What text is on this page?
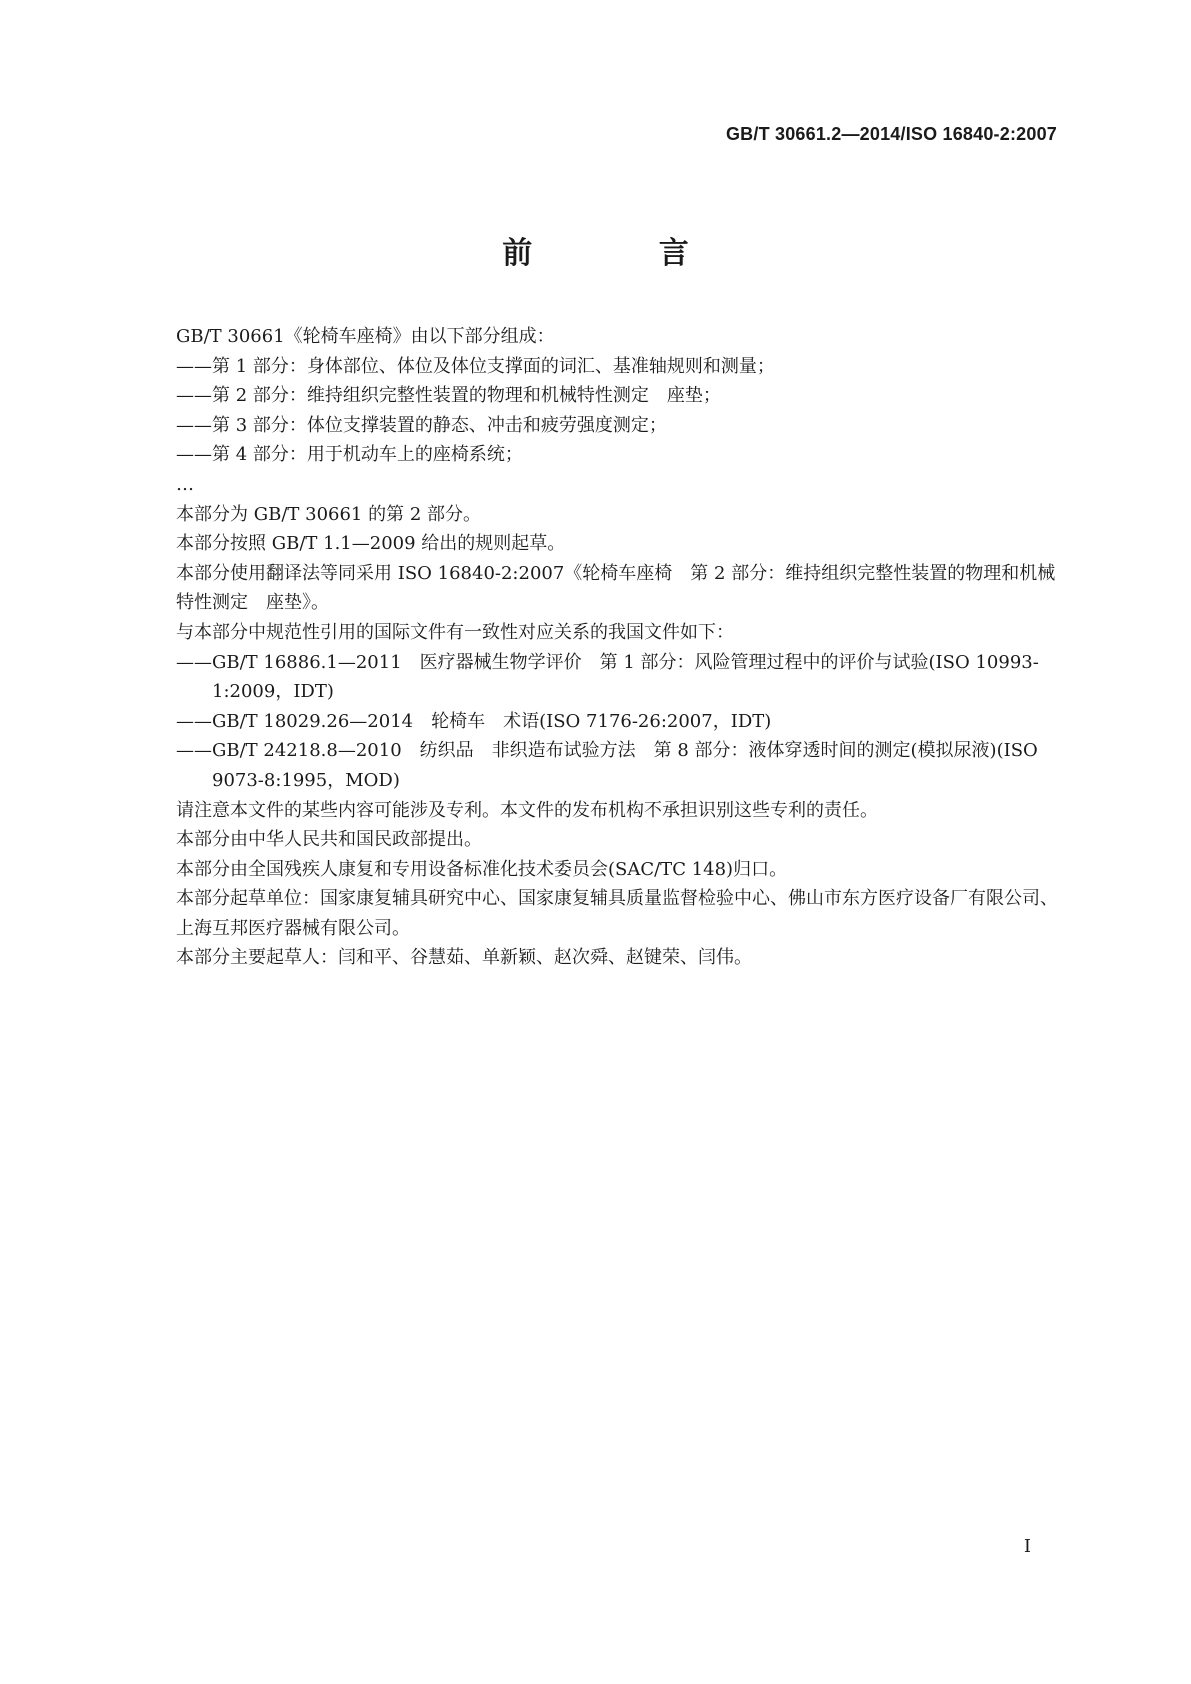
GB/T 30661.2—2014/ISO 16840-2:2007
前 言

GB/T 30661《轮椅车座椅》由以下部分组成：

—— 第 1 部分：身体部位、体位及体位支撑面的词汇、基准轴规则和测量；
—— 第 2 部分：维持组织完整性装置的物理和机械特性测定　座垫；
—— 第 3 部分：体位支撑装置的静态、冲击和疲劳强度测定；
—— 第 4 部分：用于机动车上的座椅系统；

…

本部分为 GB/T 30661 的第 2 部分。

本部分按照 GB/T 1.1—2009 给出的规则起草。

本部分使用翻译法等同采用 ISO 16840-2:2007《轮椅车座椅　第 2 部分：维持组织完整性装置的物理和机械特性测定　座垫》。

与本部分中规范性引用的国际文件有一致性对应关系的我国文件如下：

—— GB/T 16886.1—2011　医疗器械生物学评价　第 1 部分：风险管理过程中的评价与试验(ISO 10993-1:2009，IDT)
—— GB/T 18029.26—2014　轮椅车　术语(ISO 7176-26:2007，IDT)
—— GB/T 24218.8—2010　纺织品　非织造布试验方法　第 8 部分：液体穿透时间的测定(模拟尿液)(ISO 9073-8:1995，MOD)

请注意本文件的某些内容可能涉及专利。本文件的发布机构不承担识别这些专利的责任。

本部分由中华人民共和国民政部提出。

本部分由全国残疾人康复和专用设备标准化技术委员会(SAC/TC 148)归口。

本部分起草单位：国家康复辅具研究中心、国家康复辅具质量监督检验中心、佛山市东方医疗设备厂有限公司、上海互邦医疗器械有限公司。

本部分主要起草人：闫和平、谷慧茹、单新颖、赵次舜、赵键荣、闫伟。

I
